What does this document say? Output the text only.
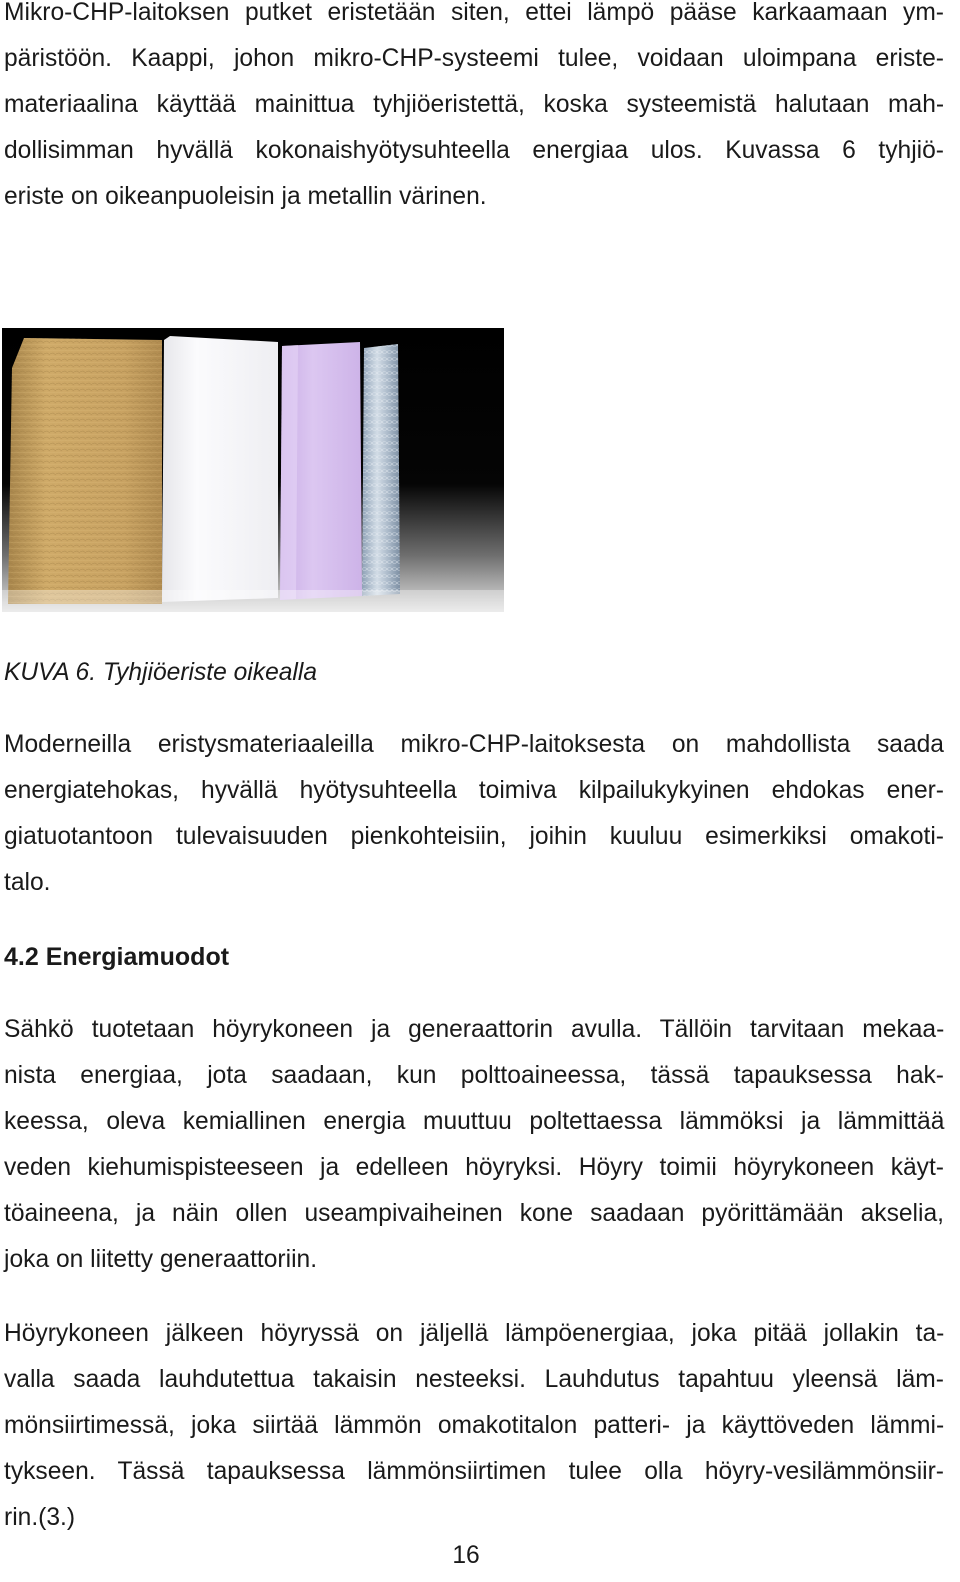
Mikro-CHP-laitoksen putket eristetään siten, ettei lämpö pääse karkaamaan ym-
päristöön. Kaappi, johon mikro-CHP-systeemi tulee, voidaan uloimpana eriste-
materiaalina käyttää mainittua tyhjiöeristettä, koska systeemistä halutaan mah-
dollisimman hyvällä kokonaishyötysuhteella energiaa ulos. Kuvassa 6 tyhjiö-
eriste on oikeanpuoleisin ja metallin värinen.

KUVA 6. Tyhjiöeriste oikealla

Moderneilla eristysmateriaaleilla mikro-CHP-laitoksesta on mahdollista saada
energiatehokas, hyvällä hyötysuhteella toimiva kilpailukykyinen ehdokas ener-
giatuotantoon tulevaisuuden pienkohteisiin, joihin kuuluu esimerkiksi omakoti-
talo.

4.2 Energiamuodot

Sähkö tuotetaan höyrykoneen ja generaattorin avulla. Tällöin tarvitaan mekaa-
nista energiaa, jota saadaan, kun polttoaineessa, tässä tapauksessa hak-
keessa, oleva kemiallinen energia muuttuu poltettaessa lämmöksi ja lämmittää
veden kiehumispisteeseen ja edelleen höyryksi. Höyry toimii höyrykoneen käyt-
töaineena, ja näin ollen useampivaiheinen kone saadaan pyörittämään akselia,
joka on liitetty generaattoriin.

Höyrykoneen jälkeen höyryssä on jäljellä lämpöenergiaa, joka pitää jollakin ta-
valla saada lauhdutettua takaisin nesteeksi. Lauhdutus tapahtuu yleensä läm-
mönsiirtimessä, joka siirtää lämmön omakotitalon patteri- ja käyttöveden lämmi-
tykseen. Tässä tapauksessa lämmönsiirtimen tulee olla höyry-vesilämmönsiir-
rin.(3.)

16
